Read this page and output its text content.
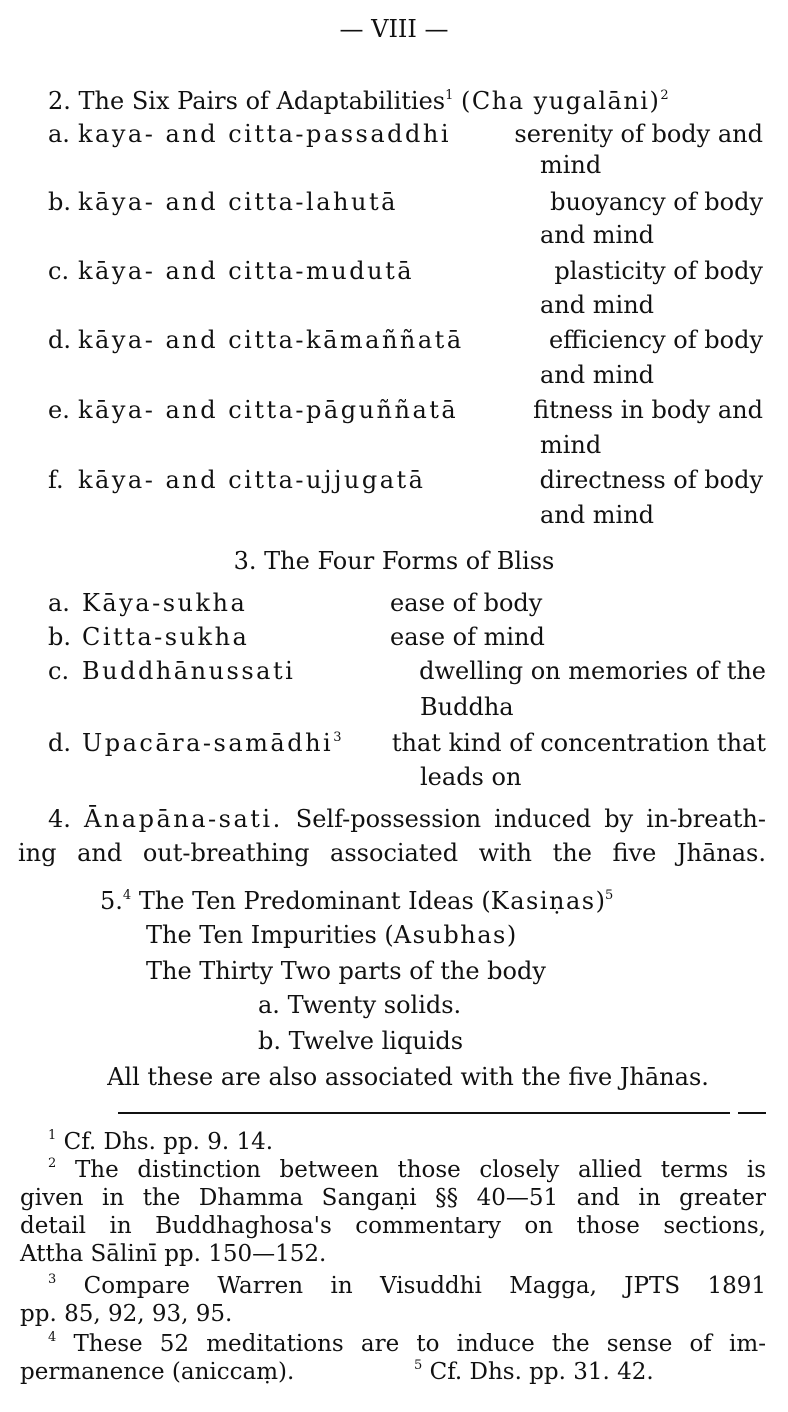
— VIII —
2. The Six Pairs of Adaptabilities$^1$ (Cha yugalāni)$^2$
a. kaya- and citta-passaddhi	serenity of body and
mind
b. kāya- and citta-lahutā	buoyancy of body
and mind
c. kāya- and citta-mudutā	plasticity of body
and mind
d. kāya- and citta-kāmaññatā	efficiency of body
and mind
e. kāya- and citta-pāguññatā	fitness in body and
mind
f. kāya- and citta-ujjugatā	directness of body
and mind
3. The Four Forms of Bliss
a. Kāya-sukha	ease of body
b. Citta-sukha	ease of mind
c. Buddhānussati	dwelling on memories of the
Buddha
d. Upacāra-samādhi$^3$ that kind of concentration that
leads on
4. Ānapāna-sati. Self-possession induced by in-breath-
ing and out-breathing associated with the five Jhānas.
5.$^4$ The Ten Predominant Ideas (Kasiṇas)$^5$
The Ten Impurities (Asubhas)
The Thirty Two parts of the body
a. Twenty solids.
b. Twelve liquids
All these are also associated with the five Jhānas.
$^1$ Cf. Dhs. pp. 9. 14.
$^2$ The distinction between those closely allied terms is
given in the Dhamma Sangaṇi §§ 40—51 and in greater
detail in Buddhaghosa's commentary on those sections,
Attha Sālinī pp. 150—152.
$^3$ Compare Warren in Visuddhi Magga, JPTS 1891
pp. 85, 92, 93, 95.
$^4$ These 52 meditations are to induce the sense of im-
permanence (aniccaṃ).	$^5$ Cf. Dhs. pp. 31. 42.
